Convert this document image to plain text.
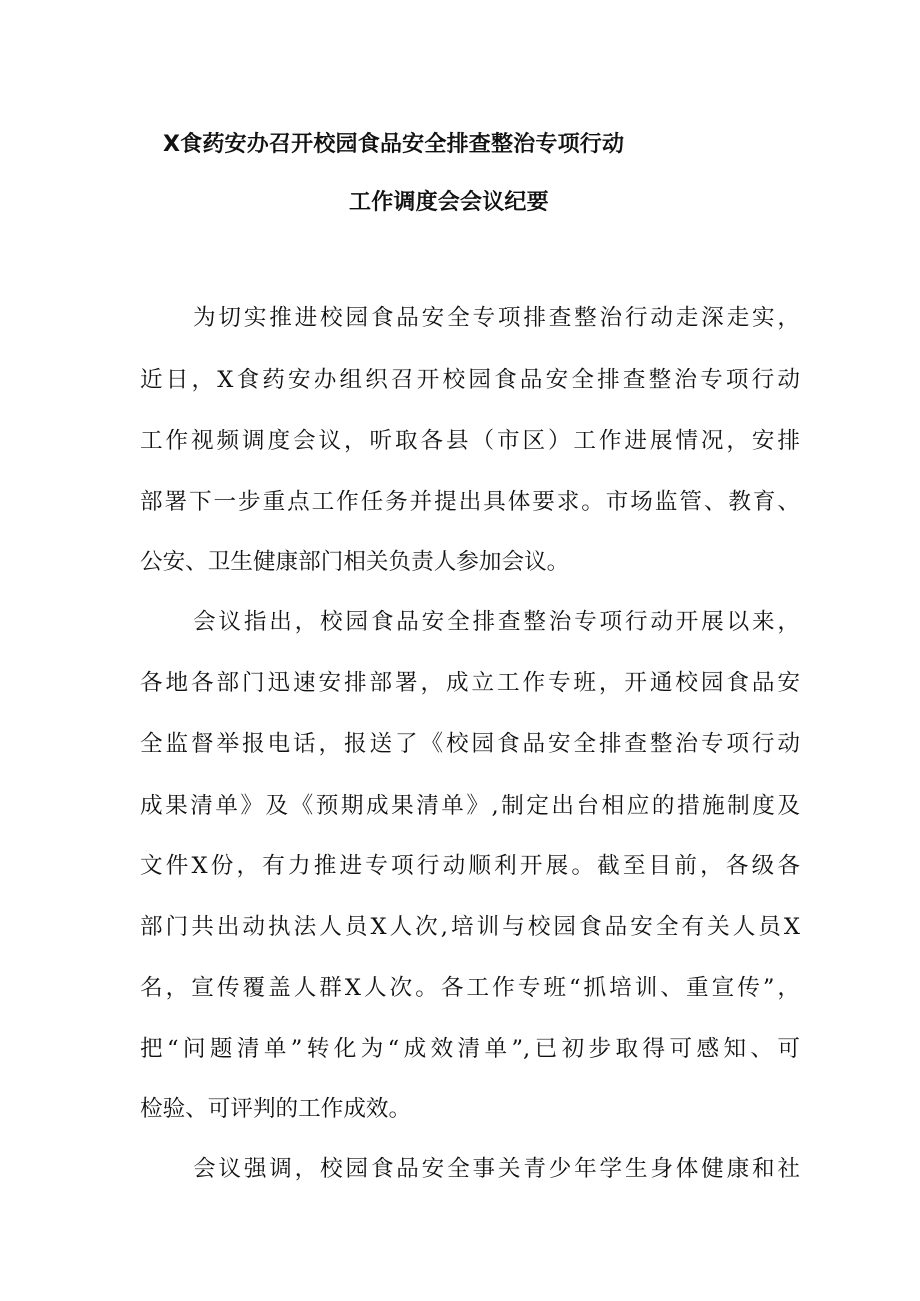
X食药安办召开校园食品安全排查整治专项行动
工作调度会会议纪要

为切实推进校园食品安全专项排查整治行动走深走实，

近日，X食药安办组织召开校园食品安全排查整治专项行动

工作视频调度会议，听取各县（市区）工作进展情况，安排

部署下一步重点工作任务并提出具体要求。市场监管、教育、

公安、卫生健康部门相关负责人参加会议。

会议指出，校园食品安全排查整治专项行动开展以来，

各地各部门迅速安排部署，成立工作专班，开通校园食品安

全监督举报电话，报送了《校园食品安全排查整治专项行动

成果清单》及《预期成果清单》,制定出台相应的措施制度及

文件X份，有力推进专项行动顺利开展。截至目前，各级各

部门共出动执法人员X人次,培训与校园食品安全有关人员X

名，宣传覆盖人群X人次。各工作专班“抓培训、重宣传”，

把“问题清单”转化为“成效清单”,已初步取得可感知、可

检验、可评判的工作成效。

会议强调，校园食品安全事关青少年学生身体健康和社
